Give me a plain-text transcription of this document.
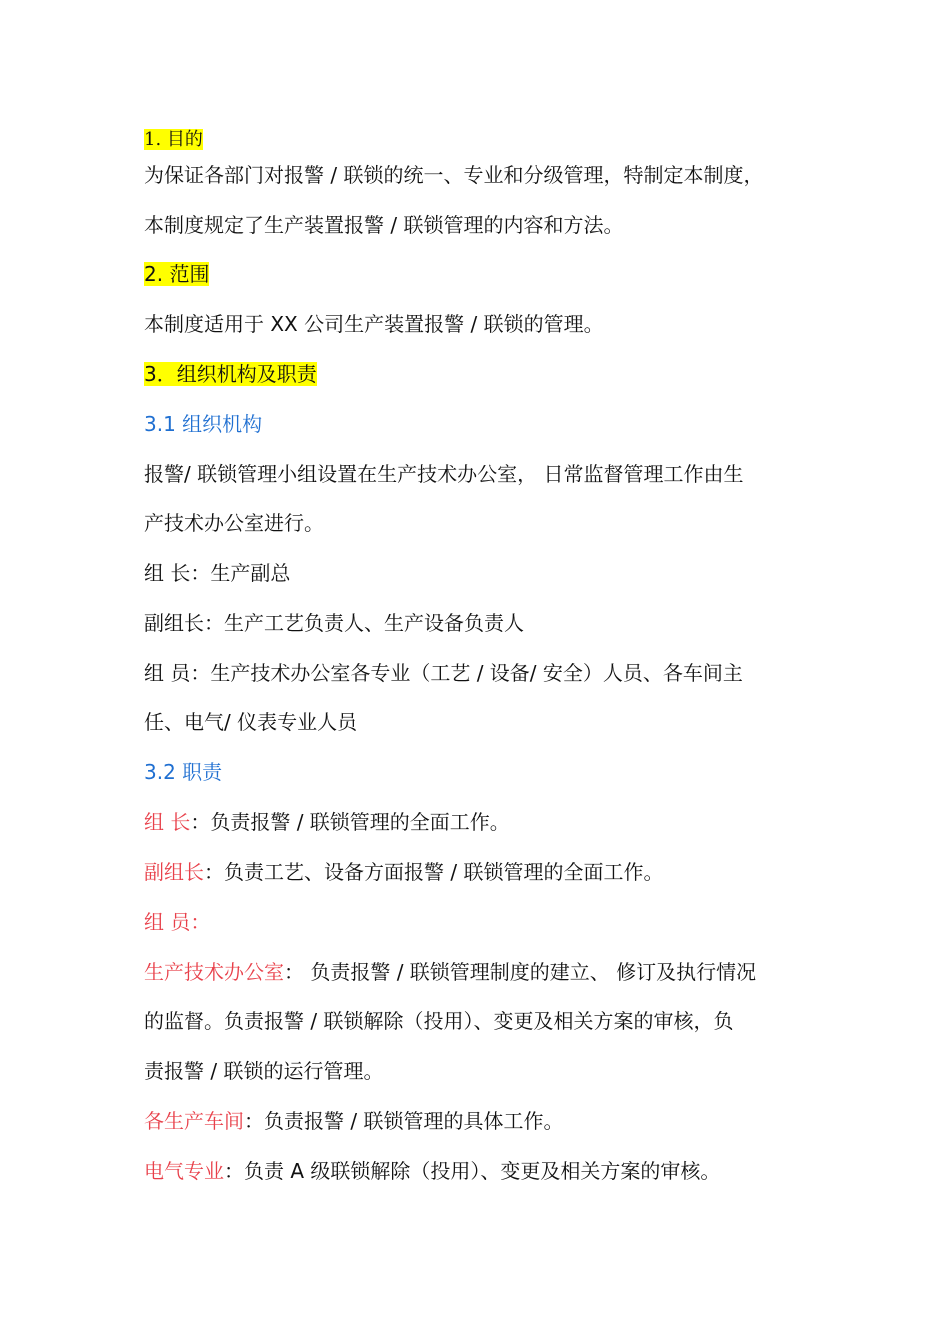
1. 目的
为保证各部门对报警 / 联锁的统一、专业和分级管理，特制定本制度，
本制度规定了生产装置报警 / 联锁管理的内容和方法。
2. 范围
本制度适用于 XX 公司生产装置报警 / 联锁的管理。
3．组织机构及职责
3.1 组织机构
报警/ 联锁管理小组设置在生产技术办公室， 日常监督管理工作由生
产技术办公室进行。
组 长：生产副总
副组长：生产工艺负责人、生产设备负责人
组 员：生产技术办公室各专业（工艺 / 设备/ 安全）人员、各车间主
任、电气/ 仪表专业人员
3.2 职责
组 长：负责报警 / 联锁管理的全面工作。
副组长：负责工艺、设备方面报警 / 联锁管理的全面工作。
组 员：
生产技术办公室： 负责报警 / 联锁管理制度的建立、 修订及执行情况
的监督。负责报警 / 联锁解除（投用）、变更及相关方案的审核，负
责报警 / 联锁的运行管理。
各生产车间：负责报警 / 联锁管理的具体工作。
电气专业：负责 A 级联锁解除（投用）、变更及相关方案的审核。
